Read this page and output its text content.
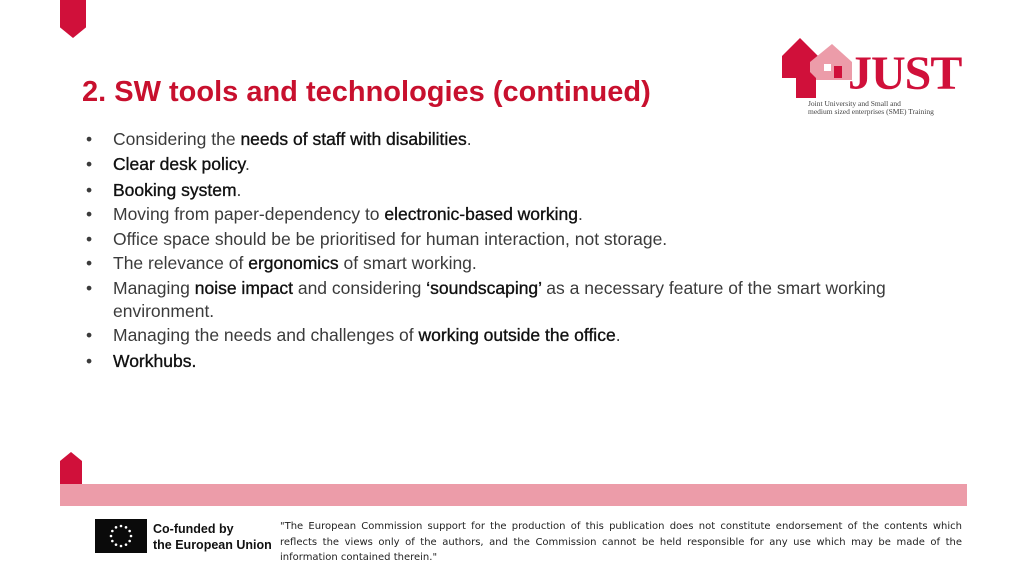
JUST
Joint University and Small and
medium sized enterprises (SME) Training
2. SW tools and technologies (continued)
• Considering the needs of staff with disabilities.
• Clear desk policy.
• Booking system.
• Moving from paper-dependency to electronic-based working.
• Office space should be be prioritised for human interaction, not storage.
• The relevance of ergonomics of smart working.
• Managing noise impact and considering ‘soundscaping’ as a necessary feature of the smart working environment.
• Managing the needs and challenges of working outside the office.
• Workhubs.
Co-funded by
the European Union

"The European Commission support for the production of this publication does not constitute endorsement of the contents which reflects the views only of the authors, and the Commission cannot be held responsible for any use which may be made of the information contained therein."
